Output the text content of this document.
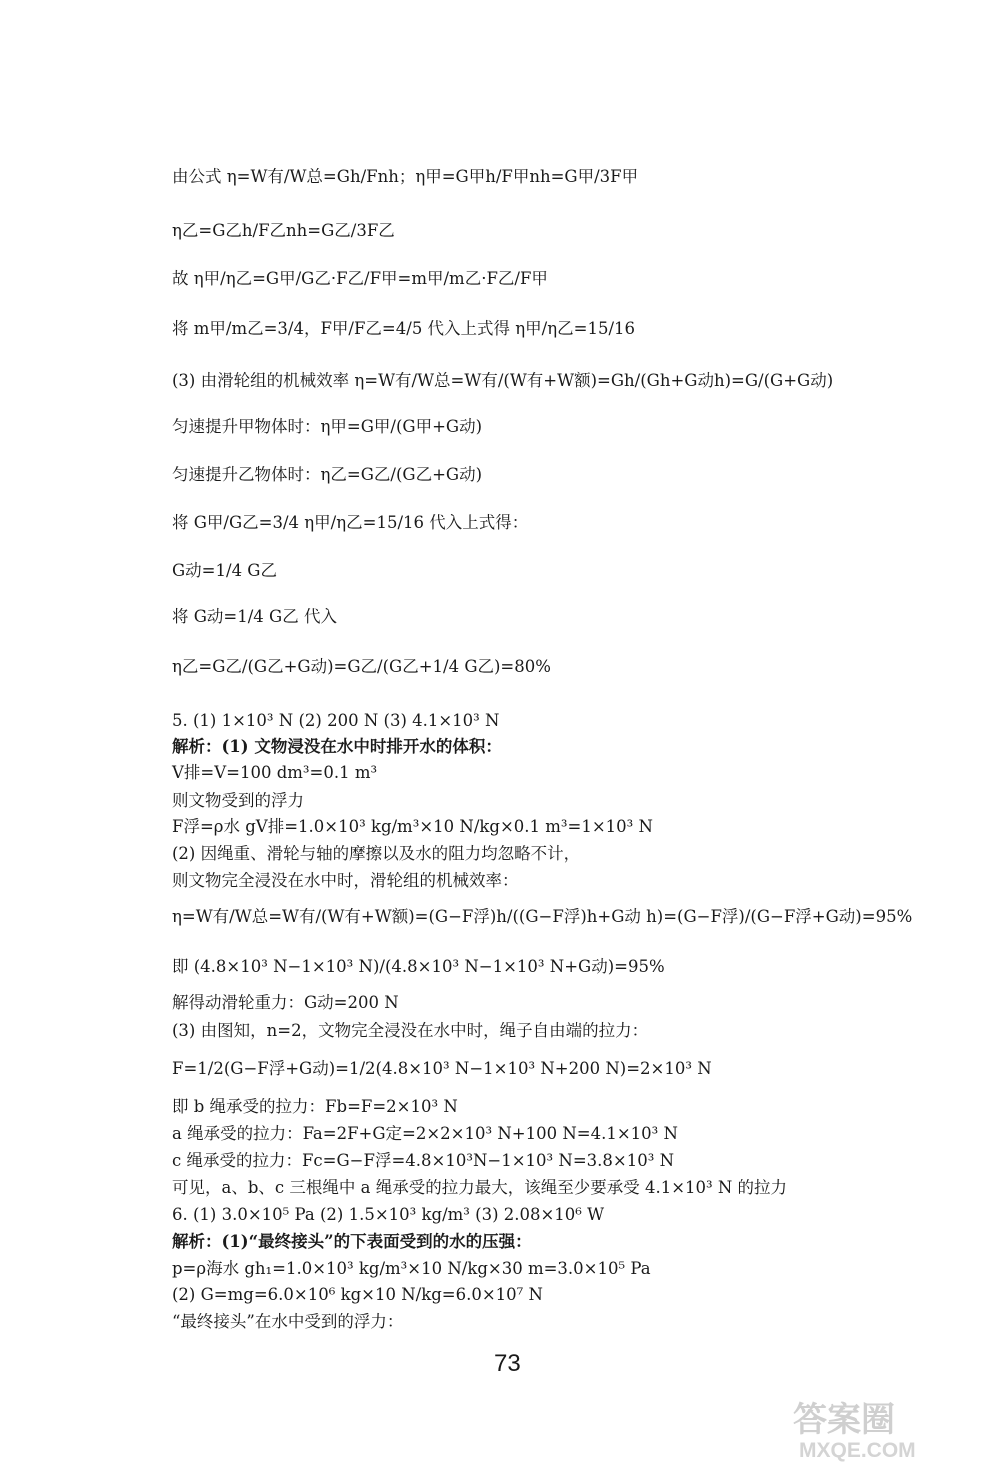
由公式 η=W有/W总=Gh/Fnh；η甲=G甲h/F甲nh=G甲/3F甲
η乙=G乙h/F乙nh=G乙/3F乙
故 η甲/η乙=G甲/G乙·F乙/F甲=m甲/m乙·F乙/F甲
将 m甲/m乙=3/4，F甲/F乙=4/5 代入上式得 η甲/η乙=15/16
(3) 由滑轮组的机械效率 η=W有/W总=W有/(W有+W额)=Gh/(Gh+G动h)=G/(G+G动)
匀速提升甲物体时：η甲=G甲/(G甲+G动)
匀速提升乙物体时：η乙=G乙/(G乙+G动)
将 G甲/G乙=3/4 η甲/η乙=15/16 代入上式得：
G动=1/4 G乙
将 G动=1/4 G乙 代入
η乙=G乙/(G乙+G动)=G乙/(G乙+1/4 G乙)=80%
5. (1) 1×10³ N (2) 200 N (3) 4.1×10³ N
解析：(1) 文物浸没在水中时排开水的体积：
V排=V=100 dm³=0.1 m³
则文物受到的浮力
F浮=ρ水 gV排=1.0×10³ kg/m³×10 N/kg×0.1 m³=1×10³ N
(2) 因绳重、滑轮与轴的摩擦以及水的阻力均忽略不计，
则文物完全浸没在水中时，滑轮组的机械效率：
η=W有/W总=W有/(W有+W额)=(G−F浮)h/((G−F浮)h+G动 h)=(G−F浮)/(G−F浮+G动)=95%
即 (4.8×10³ N−1×10³ N)/(4.8×10³ N−1×10³ N+G动)=95%
解得动滑轮重力：G动=200 N
(3) 由图知，n=2，文物完全浸没在水中时，绳子自由端的拉力：
F=1/2(G−F浮+G动)=1/2(4.8×10³ N−1×10³ N+200 N)=2×10³ N
即 b 绳承受的拉力：Fb=F=2×10³ N
a 绳承受的拉力：Fa=2F+G定=2×2×10³ N+100 N=4.1×10³ N
c 绳承受的拉力：Fc=G−F浮=4.8×10³N−1×10³ N=3.8×10³ N
可见，a、b、c 三根绳中 a 绳承受的拉力最大，该绳至少要承受 4.1×10³ N 的拉力
6. (1) 3.0×10⁵ Pa (2) 1.5×10³ kg/m³ (3) 2.08×10⁶ W
解析：(1)“最终接头”的下表面受到的水的压强：
p=ρ海水 gh₁=1.0×10³ kg/m³×10 N/kg×30 m=3.0×10⁵ Pa
(2) G=mg=6.0×10⁶ kg×10 N/kg=6.0×10⁷ N
“最终接头”在水中受到的浮力：
73
答案圈
MXQE.COM
